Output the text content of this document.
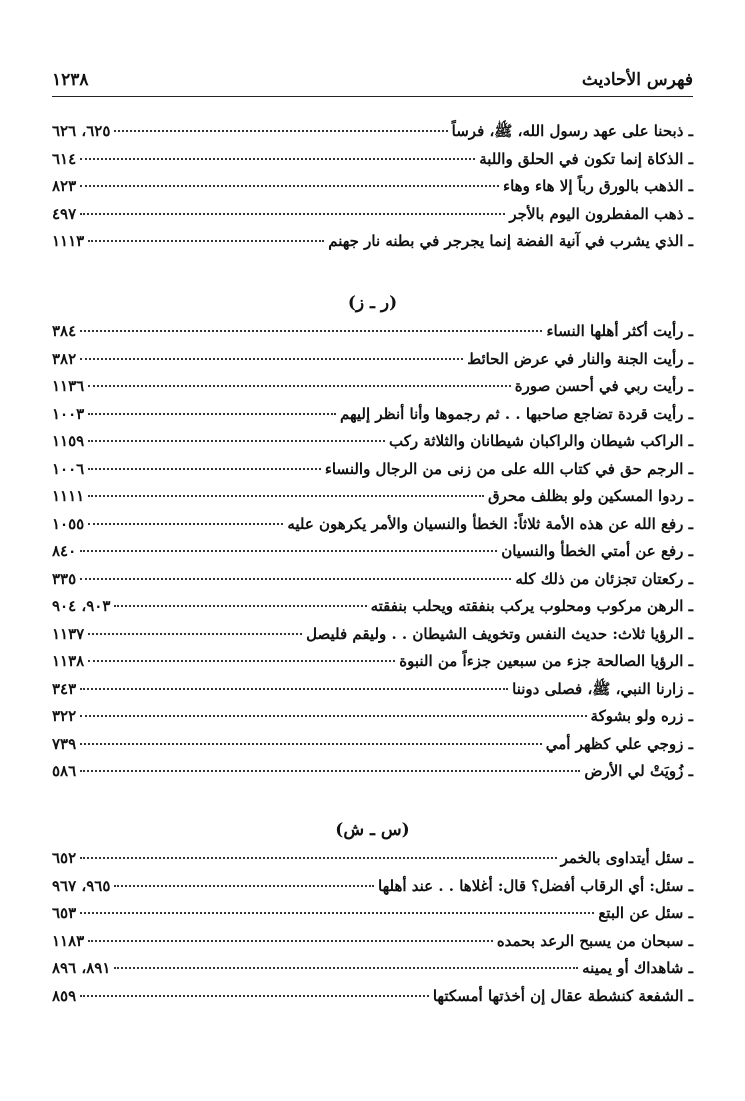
فهرس الأحاديث
١٢٣٨
ـ ذبحنا على عهد رسول الله، ﷺ، فرساً
٦٢٥، ٦٢٦
ـ الذكاة إنما تكون في الحلق واللبة
٦١٤
ـ الذهب بالورق رباً إلا هاء وهاء
٨٢٣
ـ ذهب المفطرون اليوم بالأجر
٤٩٧
ـ الذي يشرب في آنية الفضة إنما يجرجر في بطنه نار جهنم
١١١٣
(ر ـ ز)
ـ رأيت أكثر أهلها النساء
٣٨٤
ـ رأيت الجنة والنار في عرض الحائط
٣٨٢
ـ رأيت ربي في أحسن صورة
١١٣٦
ـ رأيت قردة تضاجع صاحبها . . ثم رجموها وأنا أنظر إليهم
١٠٠٣
ـ الراكب شيطان والراكبان شيطانان والثلاثة ركب
١١٥٩
ـ الرجم حق في كتاب الله على من زنى من الرجال والنساء
١٠٠٦
ـ ردوا المسكين ولو بظلف محرق
١١١١
ـ رفع الله عن هذه الأمة ثلاثاً: الخطأ والنسيان والأمر يكرهون عليه
١٠٥٥
ـ رفع عن أمتي الخطأ والنسيان
٨٤٠
ـ ركعتان تجزئان من ذلك كله
٣٣٥
ـ الرهن مركوب ومحلوب يركب بنفقته ويحلب بنفقته
٩٠٣، ٩٠٤
ـ الرؤيا ثلاث: حديث النفس وتخويف الشيطان . . وليقم فليصل
١١٣٧
ـ الرؤيا الصالحة جزء من سبعين جزءاً من النبوة
١١٣٨
ـ زارنا النبي، ﷺ، فصلى دوننا
٣٤٣
ـ زره ولو بشوكة
٣٢٢
ـ زوجي علي كظهر أمي
٧٣٩
ـ زُويَتْ لي الأرض
٥٨٦
(س ـ ش)
ـ سئل أيتداوى بالخمر
٦٥٢
ـ سئل: أي الرقاب أفضل؟ قال: أغلاها . . عند أهلها
٩٦٥، ٩٦٧
ـ سئل عن البتع
٦٥٣
ـ سبحان من يسبح الرعد بحمده
١١٨٣
ـ شاهداك أو يمينه
٨٩١، ٨٩٦
ـ الشفعة كنشطة عقال إن أخذتها أمسكتها
٨٥٩
